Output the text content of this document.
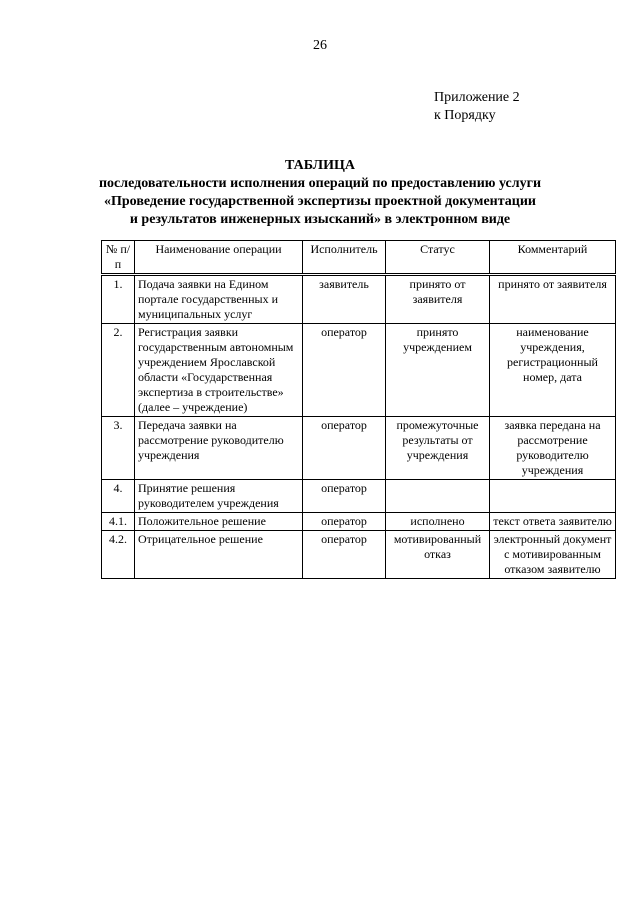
26
Приложение 2
к Порядку
ТАБЛИЦА
последовательности исполнения операций по предоставлению услуги
«Проведение государственной экспертизы проектной документации
и результатов инженерных изысканий» в электронном виде
№ п/п	Наименование операции	Исполнитель	Статус	Комментарий
1.	Подача заявки на Едином портале государственных и муниципальных услуг	заявитель	принято от заявителя	принято от заявителя
2.	Регистрация заявки государственным автономным учреждением Ярославской области «Государственная экспертиза в строительстве» (далее – учреждение)	оператор	принято учреждением	наименование учреждения, регистрационный номер, дата
3.	Передача заявки на рассмотрение руководителю учреждения	оператор	промежуточные результаты от учреждения	заявка передана на рассмотрение руководителю учреждения
4.	Принятие решения руководителем учреждения	оператор		
4.1.	Положительное решение	оператор	исполнено	текст ответа заявителю
4.2.	Отрицательное решение	оператор	мотивированный отказ	электронный документ с мотивированным отказом заявителю
